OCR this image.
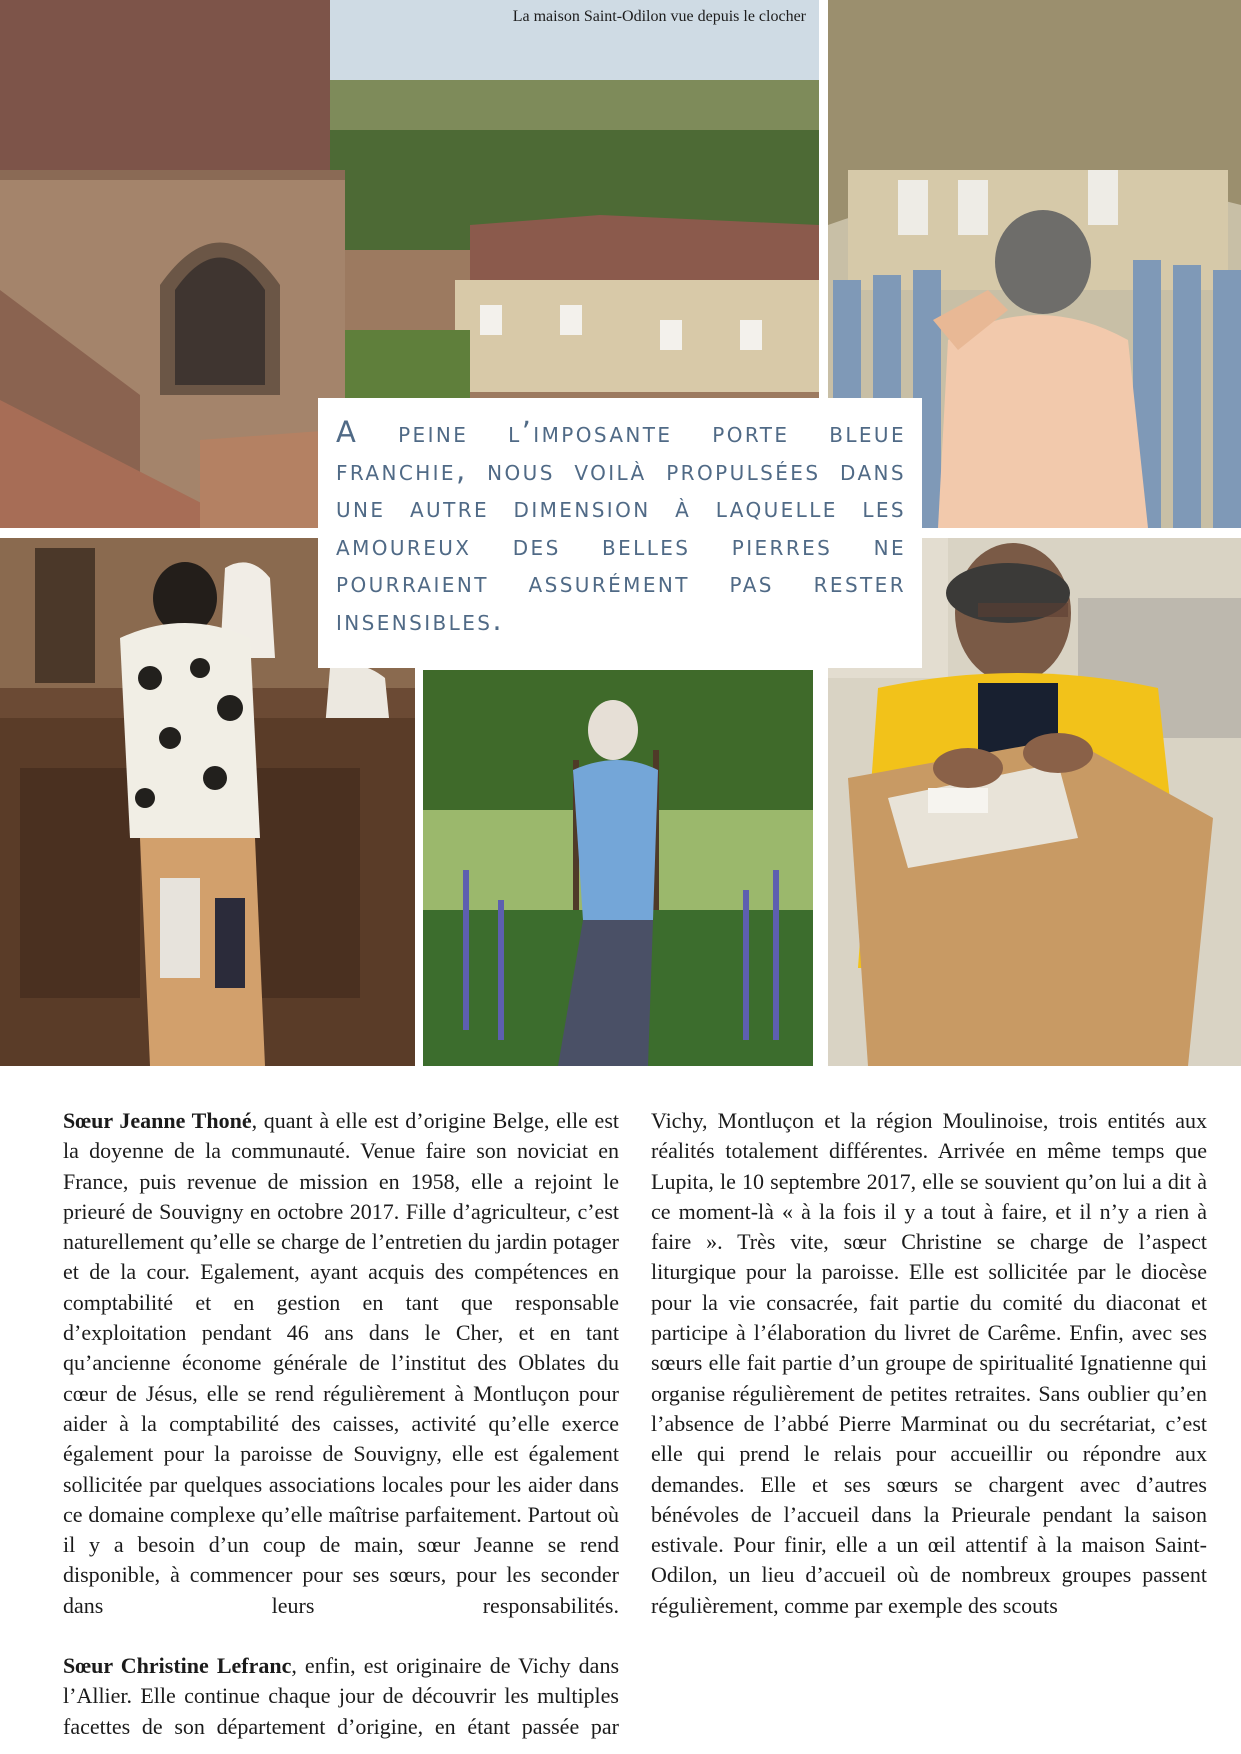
La maison Saint-Odilon vue depuis le clocher
A peine l’imposante porte bleue franchie, nous voilà propulsées dans une autre dimension à laquelle les amoureux des belles pierres ne pourraient assurément pas rester insensibles.

Sœur Jeanne Thoné, quant à elle est d’origine Belge, elle est la doyenne de la communauté. Venue faire son noviciat en France, puis revenue de mission en 1958, elle a rejoint le prieuré de Souvigny en octobre 2017. Fille d’agriculteur, c’est naturellement qu’elle se charge de l’entretien du jardin potager et de la cour. Egalement, ayant acquis des compétences en comptabilité et en gestion en tant que responsable d’exploitation pendant 46 ans dans le Cher, et en tant qu’ancienne économe générale de l’institut des Oblates du cœur de Jésus, elle se rend régulièrement à Montluçon pour aider à la comptabilité des caisses, activité qu’elle exerce également pour la paroisse de Souvigny, elle est également sollicitée par quelques associations locales pour les aider dans ce domaine complexe qu’elle maîtrise parfaitement. Partout où il y a besoin d’un coup de main, sœur Jeanne se rend disponible, à commencer pour ses sœurs, pour les seconder dans leurs responsabilités.

Sœur Christine Lefranc, enfin, est originaire de Vichy dans l’Allier. Elle continue chaque jour de découvrir les multiples facettes de son département d’origine, en étant passée par

Vichy, Montluçon et la région Moulinoise, trois entités aux réalités totalement différentes. Arrivée en même temps que Lupita, le 10 septembre 2017, elle se souvient qu’on lui a dit à ce moment-là « à la fois il y a tout à faire, et il n’y a rien à faire ». Très vite, sœur Christine se charge de l’aspect liturgique pour la paroisse. Elle est sollicitée par le diocèse pour la vie consacrée, fait partie du comité du diaconat et participe à l’élaboration du livret de Carême. Enfin, avec ses sœurs elle fait partie d’un groupe de spiritualité Ignatienne qui organise régulièrement de petites retraites. Sans oublier qu’en l’absence de l’abbé Pierre Marminat ou du secrétariat, c’est elle qui prend le relais pour accueillir ou répondre aux demandes. Elle et ses sœurs se chargent avec d’autres bénévoles de l’accueil dans la Prieurale pendant la saison estivale. Pour finir, elle a un œil attentif à la maison Saint-Odilon, un lieu d’accueil où de nombreux groupes passent régulièrement, comme par exemple des scouts
